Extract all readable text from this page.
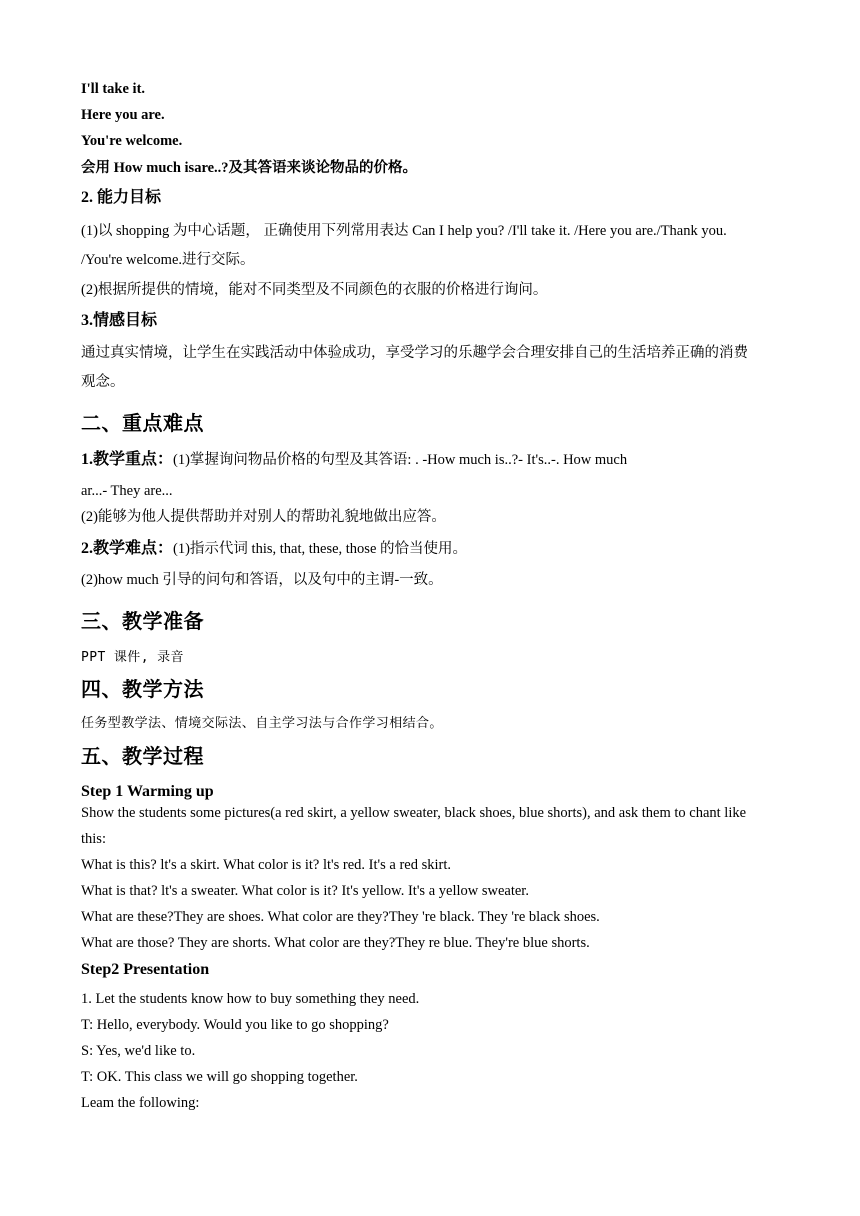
I'll take it.
Here you are.
You're welcome.
会用 How much isare..?及其答语来谈论物品的价格。
2. 能力目标
(1)以 shopping 为中心话题， 正确使用下列常用表达 Can I help you? /I'll take it. /Here you are./Thank you.
/You're welcome.进行交际。
(2)根据所提供的情境，能对不同类型及不同颜色的衣服的价格进行询问。
3.情感目标
通过真实情境，让学生在实践活动中体验成功，享受学习的乐趣学会合理安排自己的生活培养正确的消费
观念。
二、重点难点
1.教学重点：(1)掌握询问物品价格的句型及其答语: . -How much is..?- It's..-. How much
ar...- They are...
(2)能够为他人提供帮助并对别人的帮助礼貌地做出应答。
2.教学难点：(1)指示代词 this, that, these, those 的恰当使用。
(2)how much 引导的问句和答语，以及句中的主谓-一致。
三、教学准备
PPT 课件, 录音
四、教学方法
任务型教学法、情境交际法、自主学习法与合作学习相结合。
五、教学过程
Step 1 Warming up
Show the students some pictures(a red skirt, a yellow sweater, black shoes, blue shorts), and ask them to chant like
this:
What is this? lt's a skirt. What color is it? lt's red. It's a red skirt.
What is that? lt's a sweater. What color is it? It's yellow. It's a yellow sweater.
What are these?They are shoes. What color are they?They 're black. They 're black shoes.
What are those? They are shorts. What color are they?They re blue. They're blue shorts.
Step2 Presentation
1. Let the students know how to buy something they need.
T: Hello, everybody. Would you like to go shopping?
S: Yes, we'd like to.
T: OK. This class we will go shopping together.
Leam the following:
